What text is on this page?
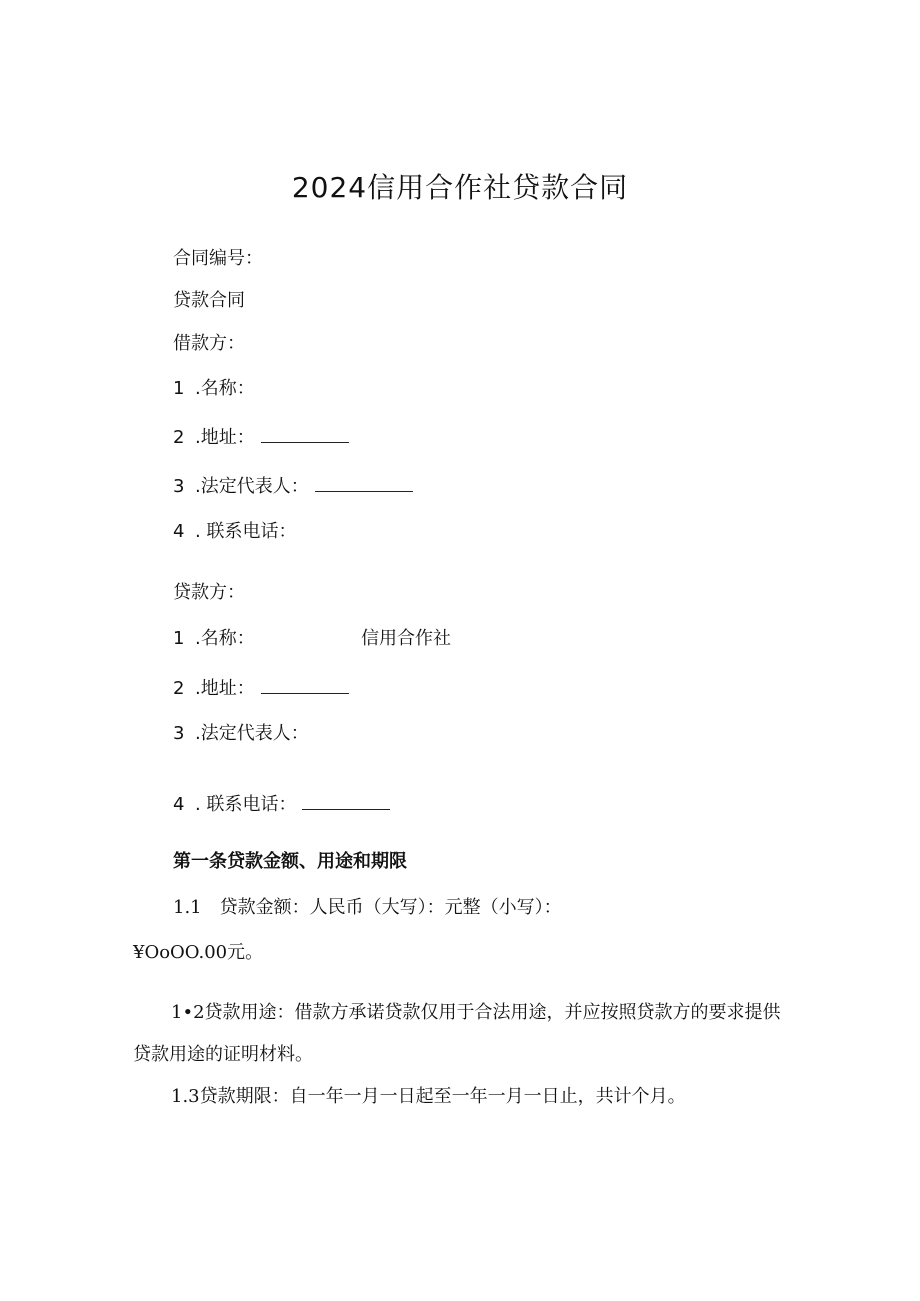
2024信用合作社贷款合同
合同编号：
贷款合同
借款方：
1 .名称：
2 .地址：
3 .法定代表人：
4 . 联系电话：
贷款方：
1 .名称：	信用合作社
2 .地址：
3 .法定代表人：
4 . 联系电话：
第一条贷款金额、用途和期限
1.1 贷款金额：人民币（大写）：元整（小写）：
¥OoOO.00元。
1•2贷款用途：借款方承诺贷款仅用于合法用途，并应按照贷款方的要求提供贷款用途的证明材料。
1.3贷款期限：自一年一月一日起至一年一月一日止，共计个月。
